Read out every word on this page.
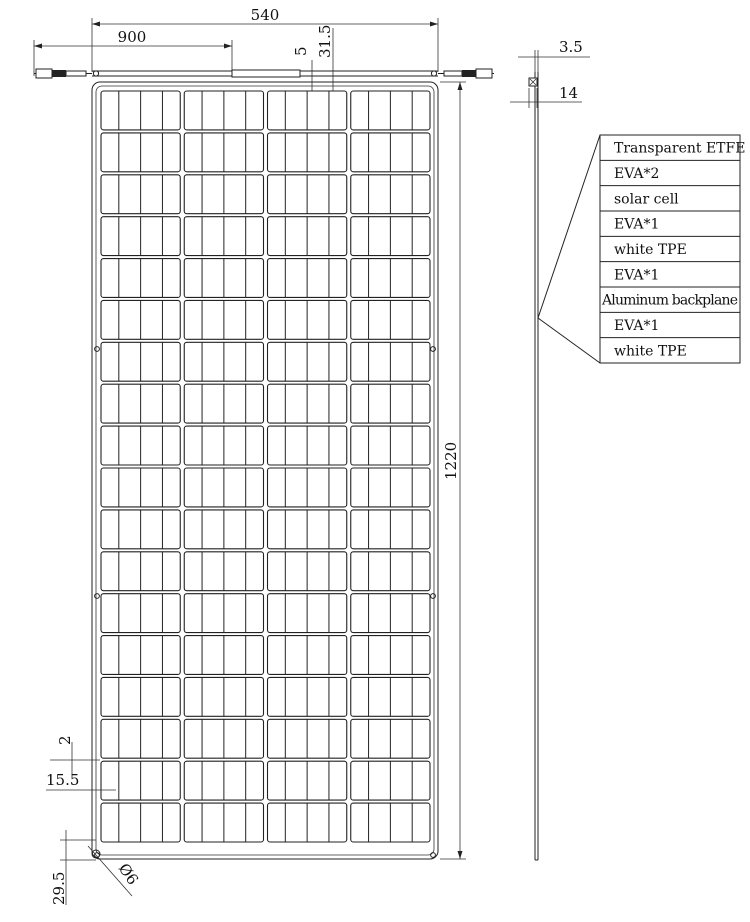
540
900
5 31.5
1220
2
15.5
29.5	Ø6
3.5
14
Transparent ETFE
EVA*2
solar cell
EVA*1
white TPE
EVA*1
Aluminum backplane
EVA*1
white TPE
